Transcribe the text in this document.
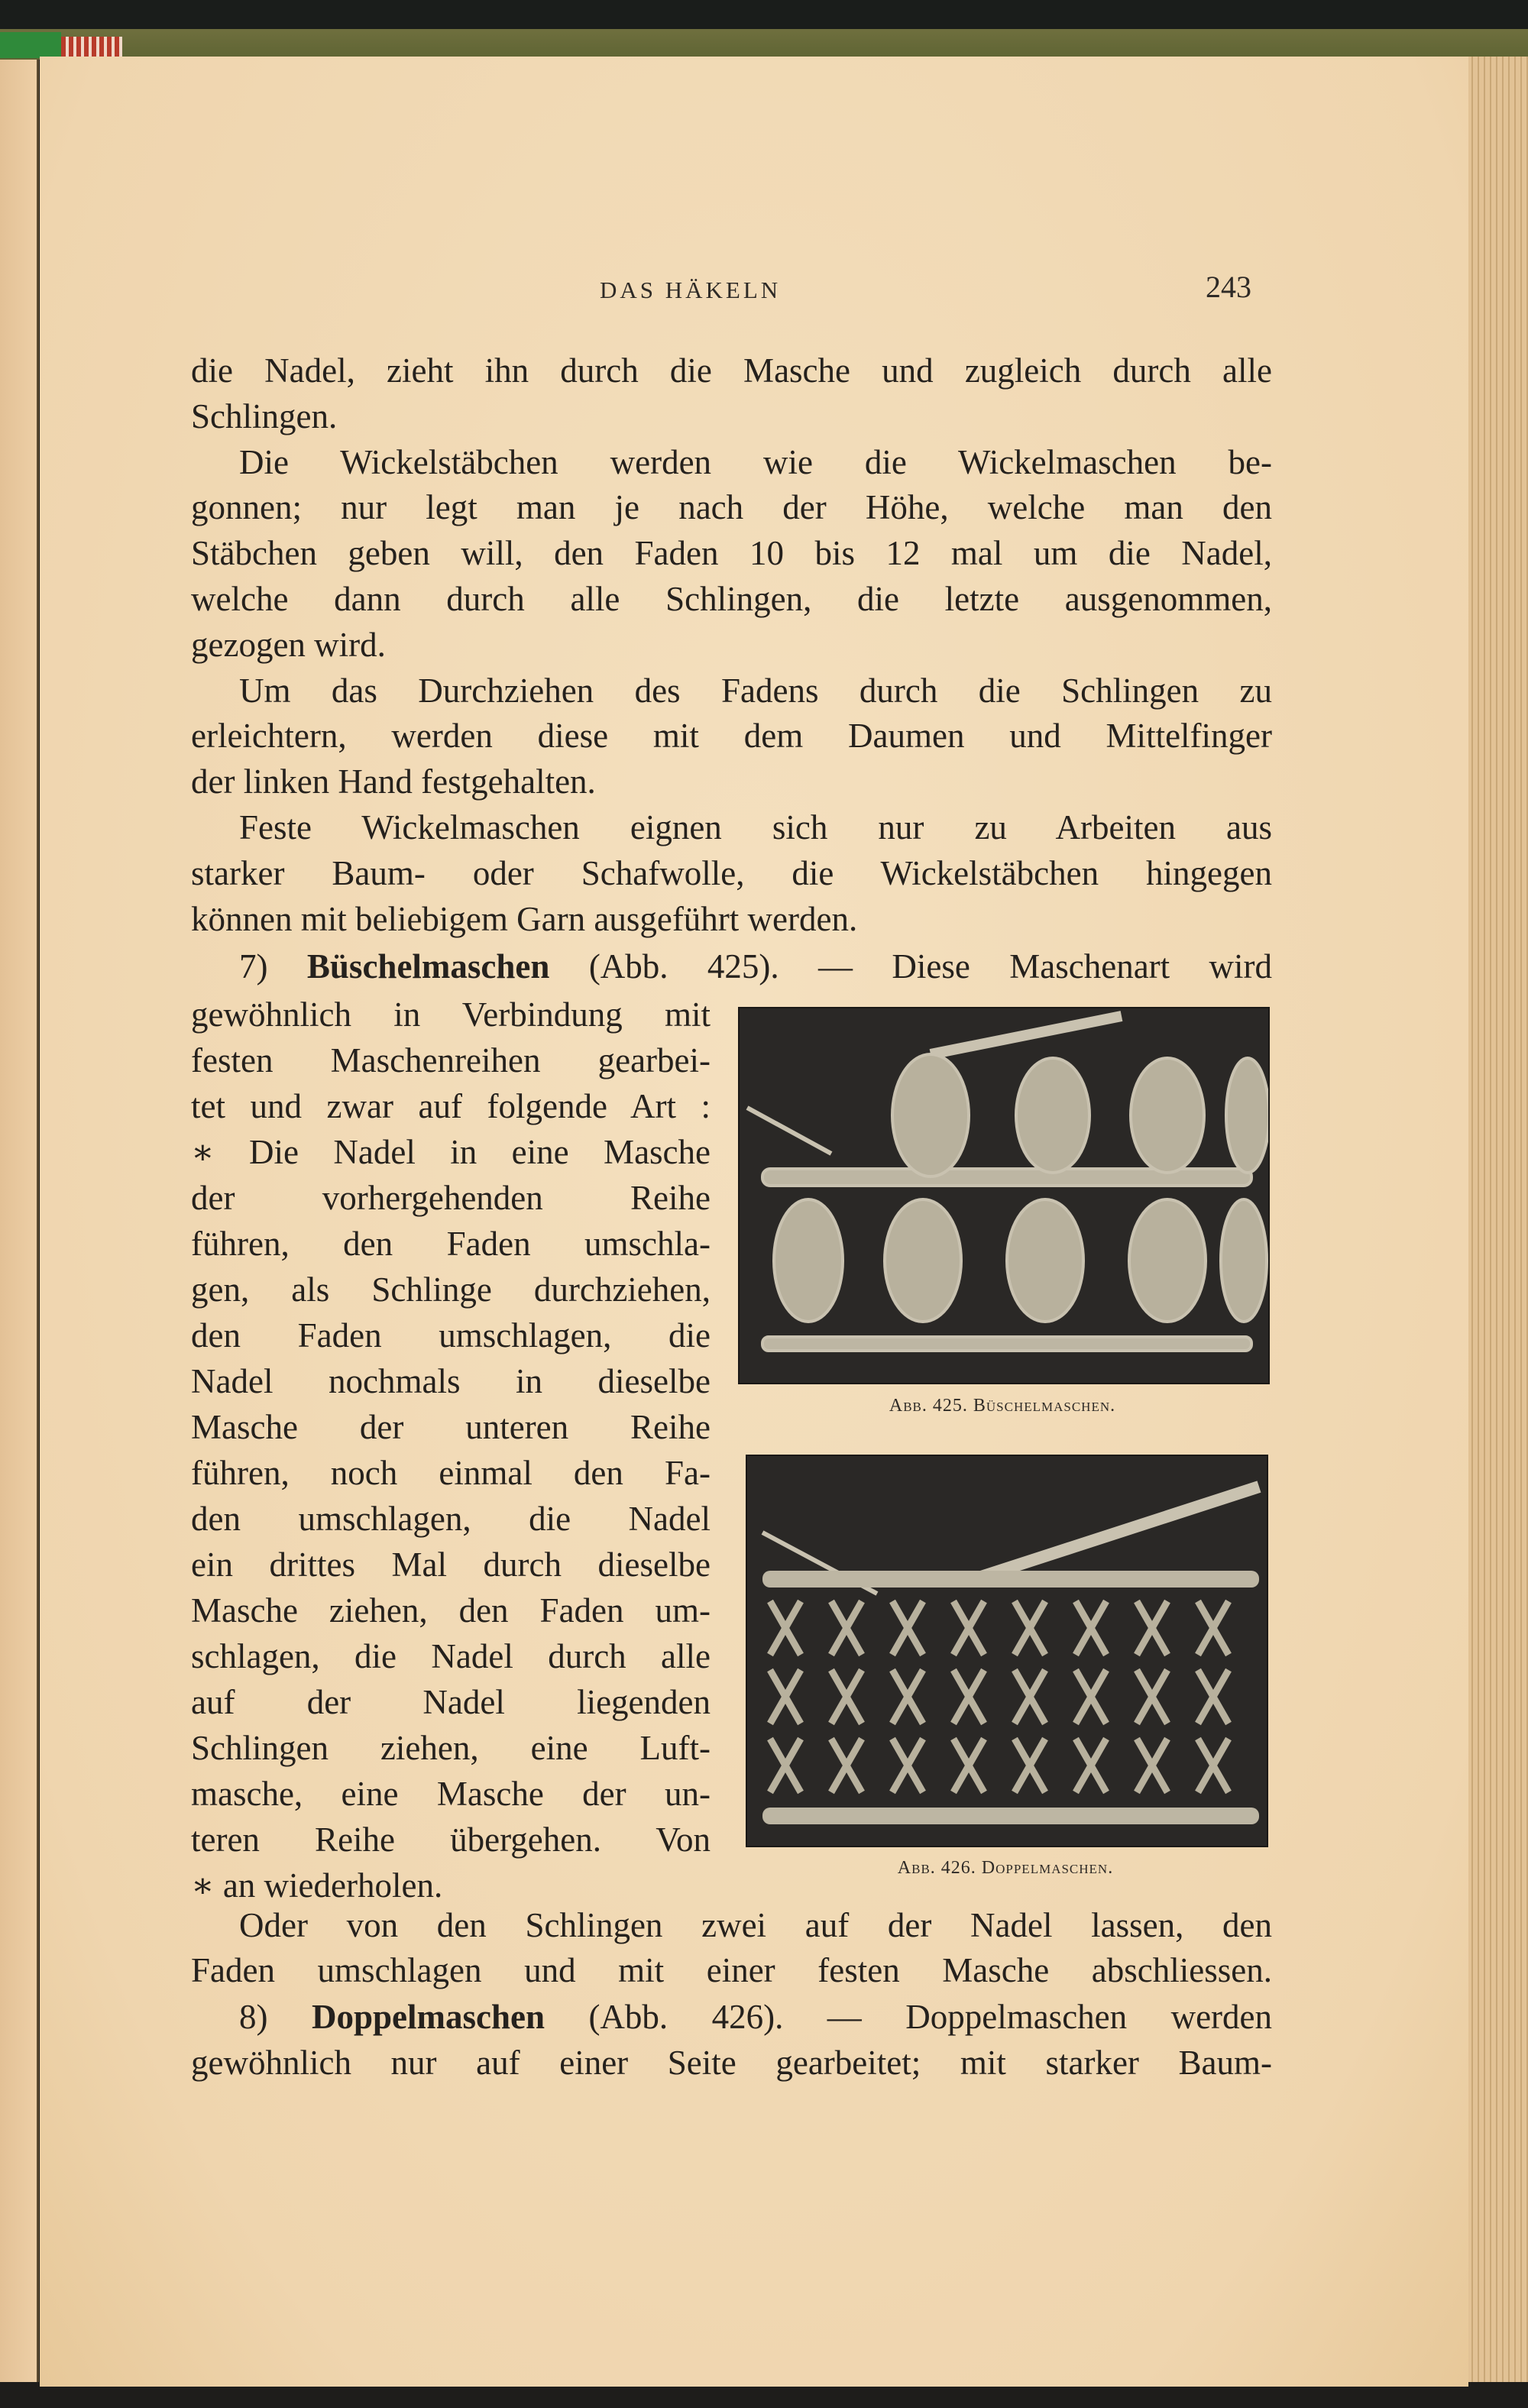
DAS HÄKELN	243
die Nadel, zieht ihn durch die Masche und zugleich durch alle
Schlingen.
Die Wickelstäbchen werden wie die Wickelmaschen be-
gonnen; nur legt man je nach der Höhe, welche man den
Stäbchen geben will, den Faden 10 bis 12 mal um die Nadel,
welche dann durch alle Schlingen, die letzte ausgenommen,
gezogen wird.
Um das Durchziehen des Fadens durch die Schlingen zu
erleichtern, werden diese mit dem Daumen und Mittelfinger
der linken Hand festgehalten.
Feste Wickelmaschen eignen sich nur zu Arbeiten aus
starker Baum- oder Schafwolle, die Wickelstäbchen hingegen
können mit beliebigem Garn ausgeführt werden.
gewöhnlich in Verbindung mit
festen Maschenreihen gearbei-
tet und zwar auf folgende Art :
∗ Die Nadel in eine Masche
der vorhergehenden Reihe
führen, den Faden umschla-
gen, als Schlinge durchziehen,
den Faden umschlagen, die
Nadel nochmals in dieselbe
Masche der unteren Reihe
führen, noch einmal den Fa-
den umschlagen, die Nadel
ein drittes Mal durch dieselbe
Masche ziehen, den Faden um-
schlagen, die Nadel durch alle
auf der Nadel liegenden
Schlingen ziehen, eine Luft-
masche, eine Masche der un-
teren Reihe übergehen. Von
∗ an wiederholen.
Oder von den Schlingen zwei auf der Nadel lassen, den
Faden umschlagen und mit einer festen Masche abschliessen.
7) Büschelmaschen (Abb. 425). — Diese Maschenart wird
8) Doppelmaschen (Abb. 426). — Doppelmaschen werden
gewöhnlich nur auf einer Seite gearbeitet; mit starker Baum-
Abb. 425. Büschelmaschen.
Abb. 426. Doppelmaschen.
